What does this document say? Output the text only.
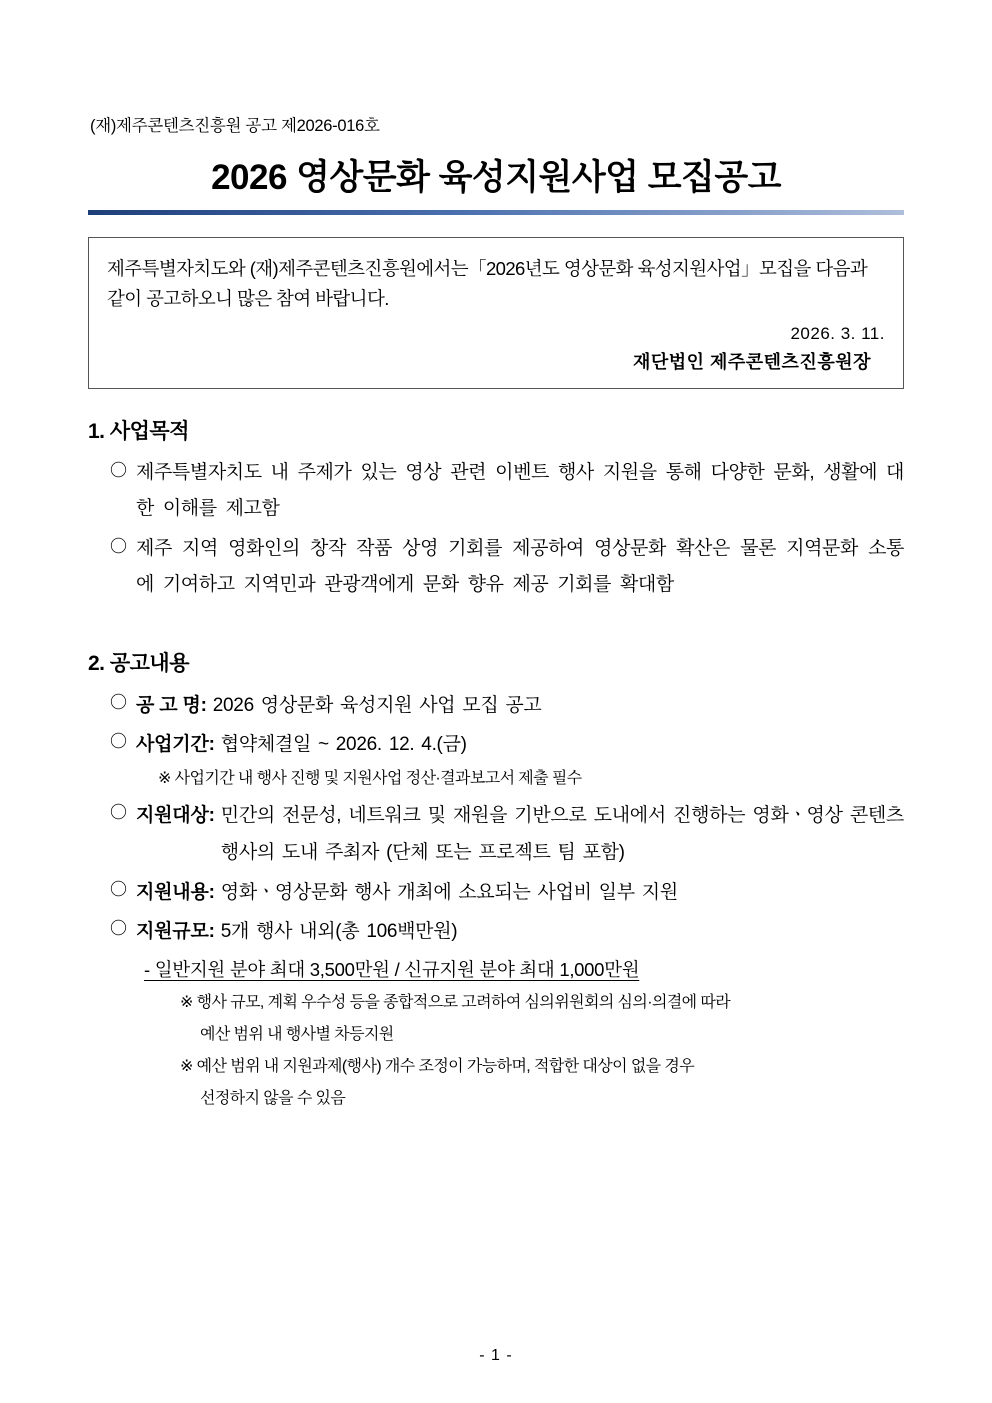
(재)제주콘텐츠진흥원 공고 제2026-016호
2026 영상문화 육성지원사업 모집공고
제주특별자치도와 (재)제주콘텐츠진흥원에서는「2026년도 영상문화 육성지원사업」모집을 다음과 같이 공고하오니 많은 참여 바랍니다.
2026. 3. 11.
재단법인 제주콘텐츠진흥원장
1. 사업목적
〇 제주특별자치도 내 주제가 있는 영상 관련 이벤트 행사 지원을 통해 다양한 문화, 생활에 대한 이해를 제고함
〇 제주 지역 영화인의 창작 작품 상영 기회를 제공하여 영상문화 확산은 물론 지역문화 소통에 기여하고 지역민과 관광객에게 문화 향유 제공 기회를 확대함
2. 공고내용
〇 공 고 명 : 2026 영상문화 육성지원 사업 모집 공고
〇 사업기간 : 협약체결일 ~ 2026. 12. 4.(금)
※ 사업기간 내 행사 진행 및 지원사업 정산·결과보고서 제출 필수
〇 지원대상 : 민간의 전문성, 네트워크 및 재원을 기반으로 도내에서 진행하는 영화ㆍ영상 콘텐츠 행사의 도내 주최자 (단체 또는 프로젝트 팀 포함)
〇 지원내용 : 영화ㆍ영상문화 행사 개최에 소요되는 사업비 일부 지원
〇 지원규모 : 5개 행사 내외(총 106백만원)
- 일반지원 분야 최대 3,500만원 / 신규지원 분야 최대 1,000만원
※ 행사 규모, 계획 우수성 등을 종합적으로 고려하여 심의위원회의 심의·의결에 따라
예산 범위 내 행사별 차등지원
※ 예산 범위 내 지원과제(행사) 개수 조정이 가능하며, 적합한 대상이 없을 경우
선정하지 않을 수 있음
- 1 -
